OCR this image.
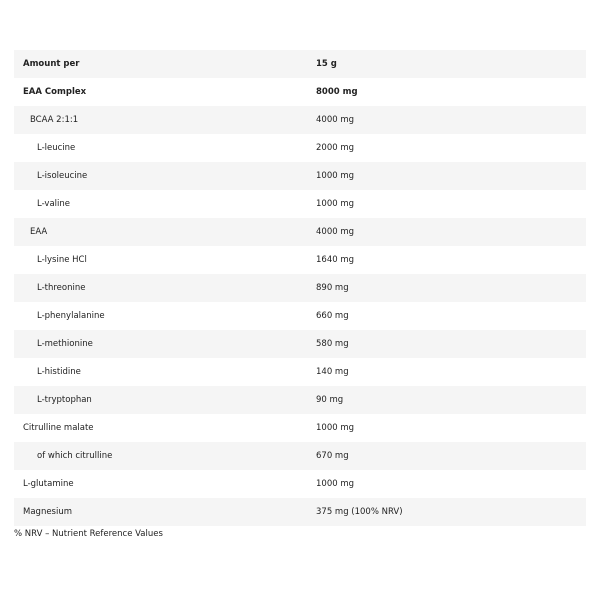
Amount per	15 g
EAA Complex	8000 mg
BCAA 2:1:1	4000 mg
L-leucine	2000 mg
L-isoleucine	1000 mg
L-valine	1000 mg
EAA	4000 mg
L-lysine HCl	1640 mg
L-threonine	890 mg
L-phenylalanine	660 mg
L-methionine	580 mg
L-histidine	140 mg
L-tryptophan	90 mg
Citrulline malate	1000 mg
of which citrulline	670 mg
L-glutamine	1000 mg
Magnesium	375 mg (100% NRV)
% NRV – Nutrient Reference Values
